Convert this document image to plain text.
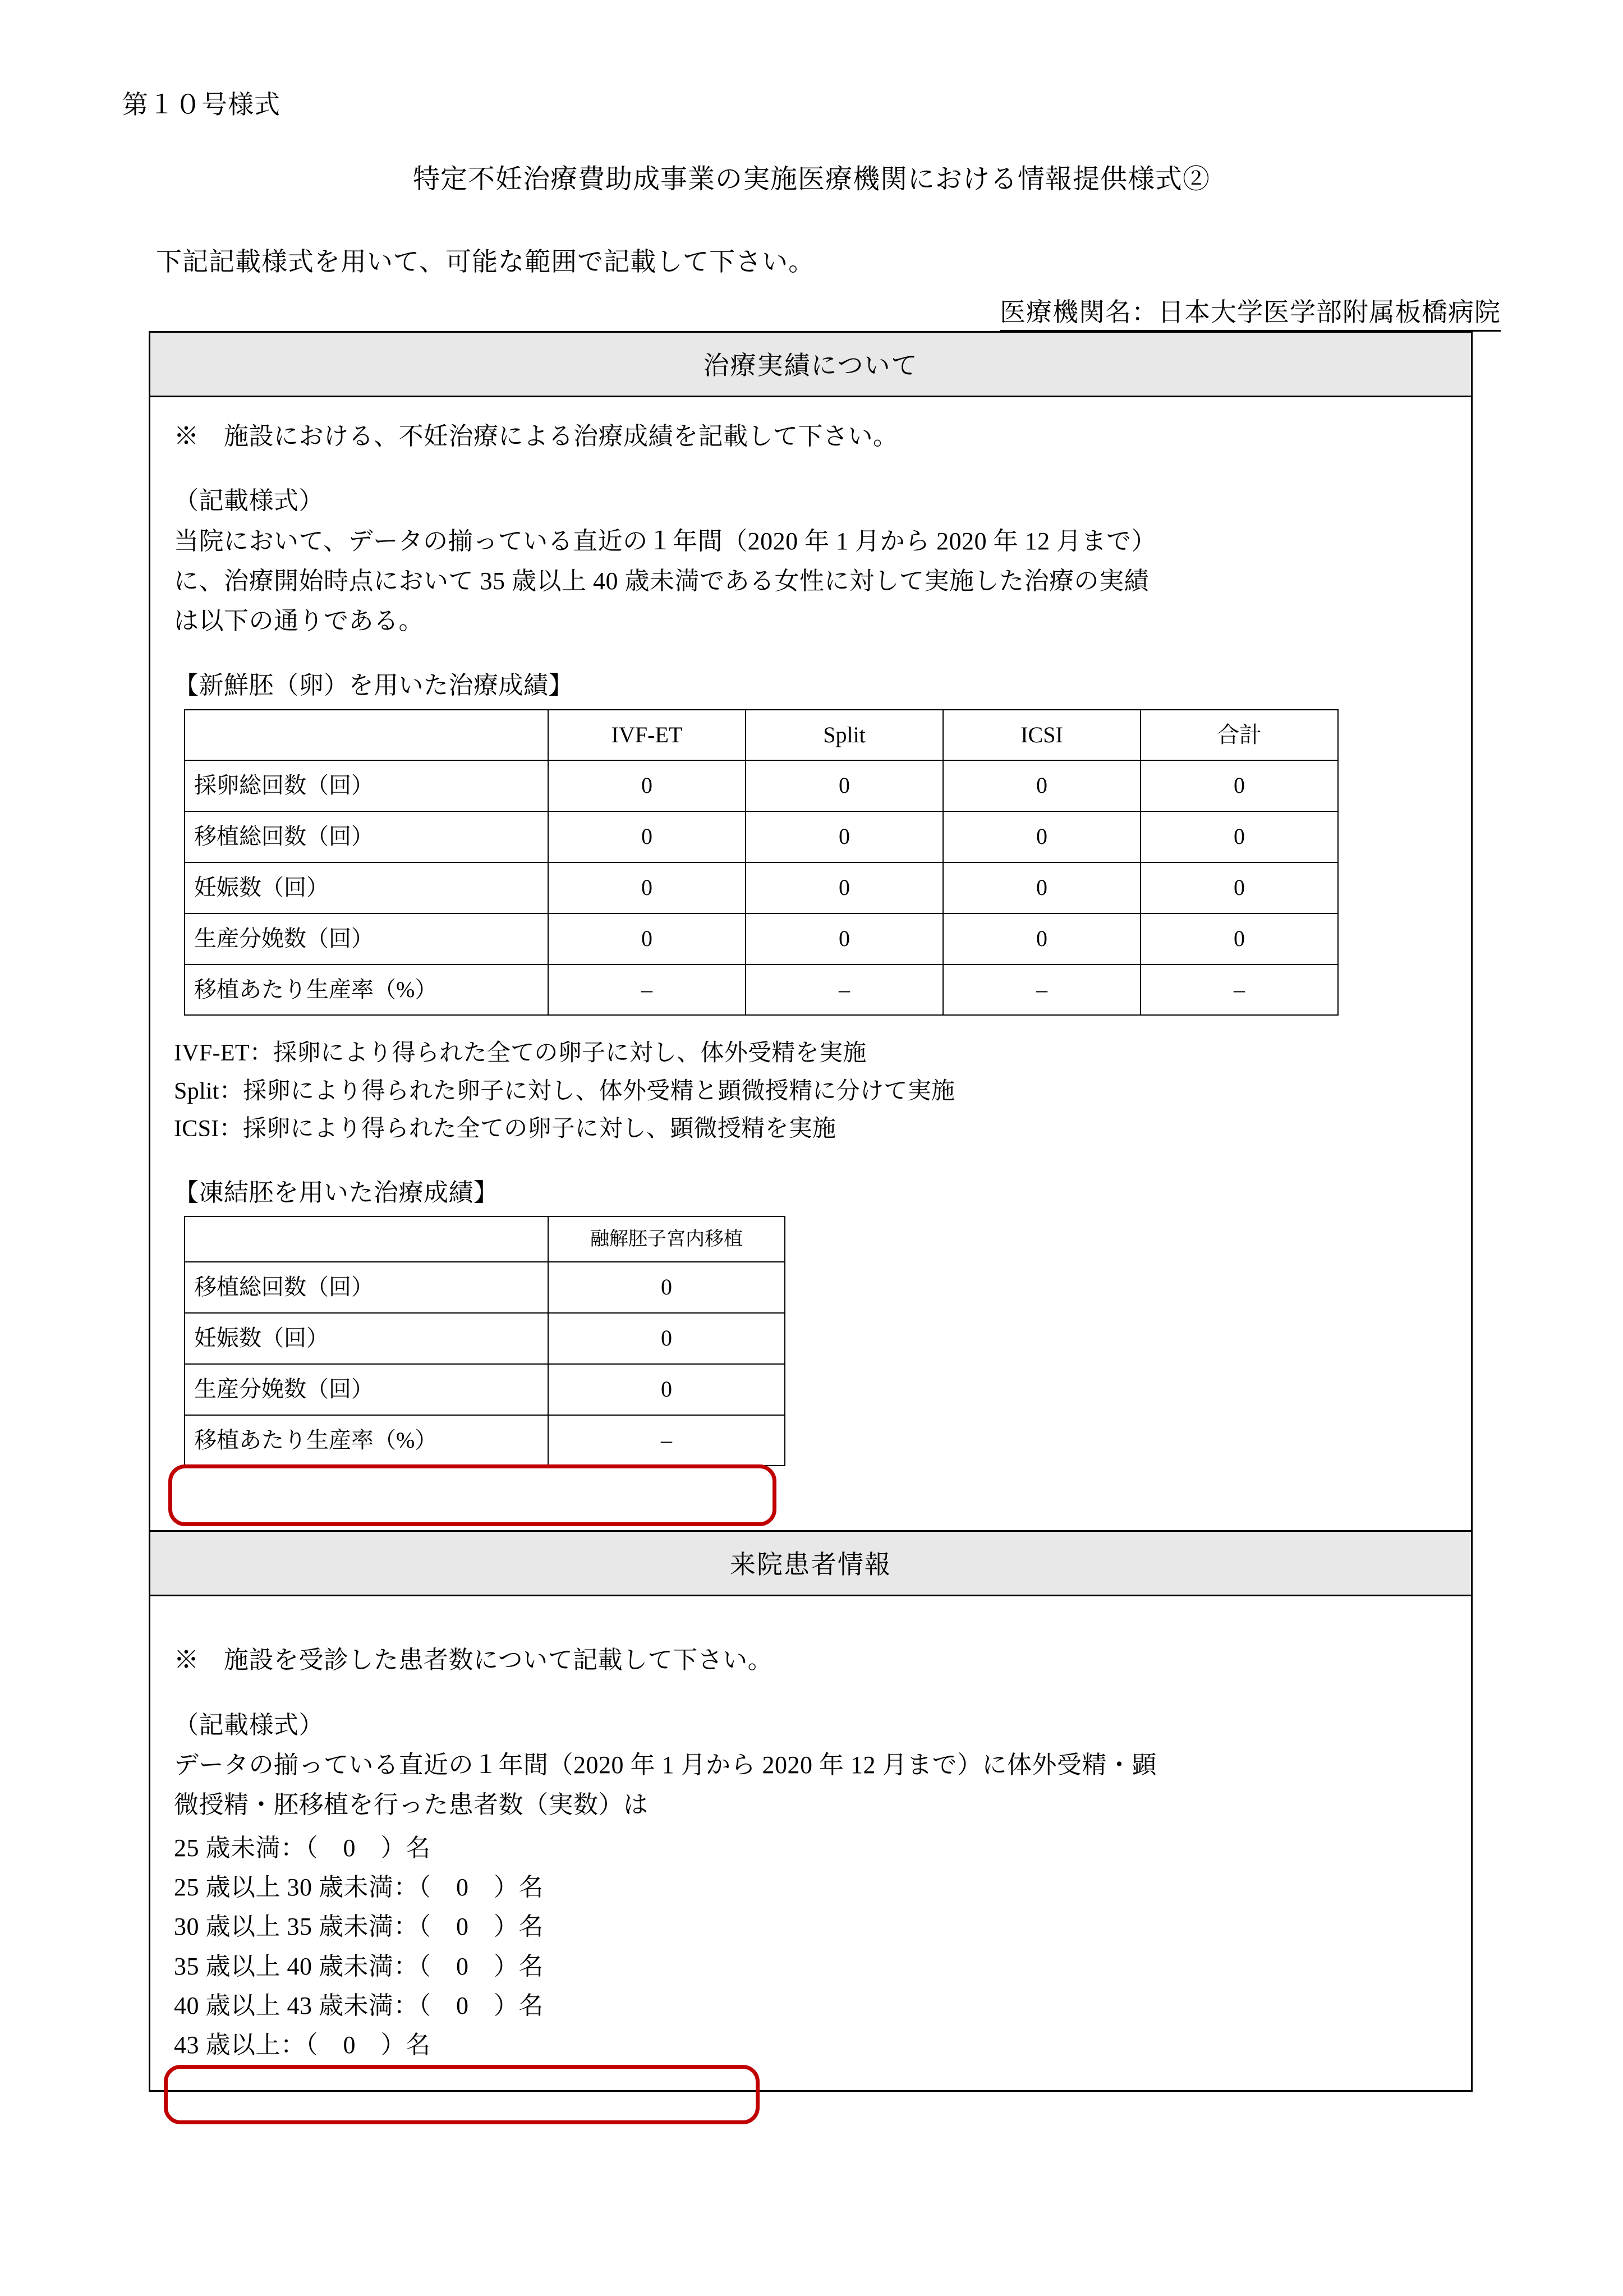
第１０号様式
特定不妊治療費助成事業の実施医療機関における情報提供様式②
下記記載様式を用いて、可能な範囲で記載して下さい。
医療機関名：日本大学医学部附属板橋病院
治療実績について

※　施設における、不妊治療による治療成績を記載して下さい。

（記載様式）

当院において、データの揃っている直近の１年間（2020 年 1 月から 2020 年 12 月まで）

に、治療開始時点において 35 歳以上 40 歳未満である女性に対して実施した治療の実績

は以下の通りである。

【新鮮胚（卵）を用いた治療成績】

	IVF-ET	Split	ICSI	合計
採卵総回数（回）	0	0	0	0
移植総回数（回）	0	0	0	0
妊娠数（回）	0	0	0	0
生産分娩数（回）	0	0	0	0
移植あたり生産率（%）	–	–	–	–
IVF-ET：採卵により得られた全ての卵子に対し、体外受精を実施
Split：採卵により得られた卵子に対し、体外受精と顕微授精に分けて実施
ICSI：採卵により得られた全ての卵子に対し、顕微授精を実施

【凍結胚を用いた治療成績】

	融解胚子宮内移植
移植総回数（回）	0
妊娠数（回）	0
生産分娩数（回）	0
移植あたり生産率（%）	–
来院患者情報

※　施設を受診した患者数について記載して下さい。

（記載様式）

データの揃っている直近の１年間（2020 年 1 月から 2020 年 12 月まで）に体外受精・顕

微授精・胚移植を行った患者数（実数）は

25 歳未満：（　0　）名
25 歳以上 30 歳未満：（　0　）名
30 歳以上 35 歳未満：（　0　）名
35 歳以上 40 歳未満：（　0　）名
40 歳以上 43 歳未満：（　0　）名
43 歳以上：（　0　）名
